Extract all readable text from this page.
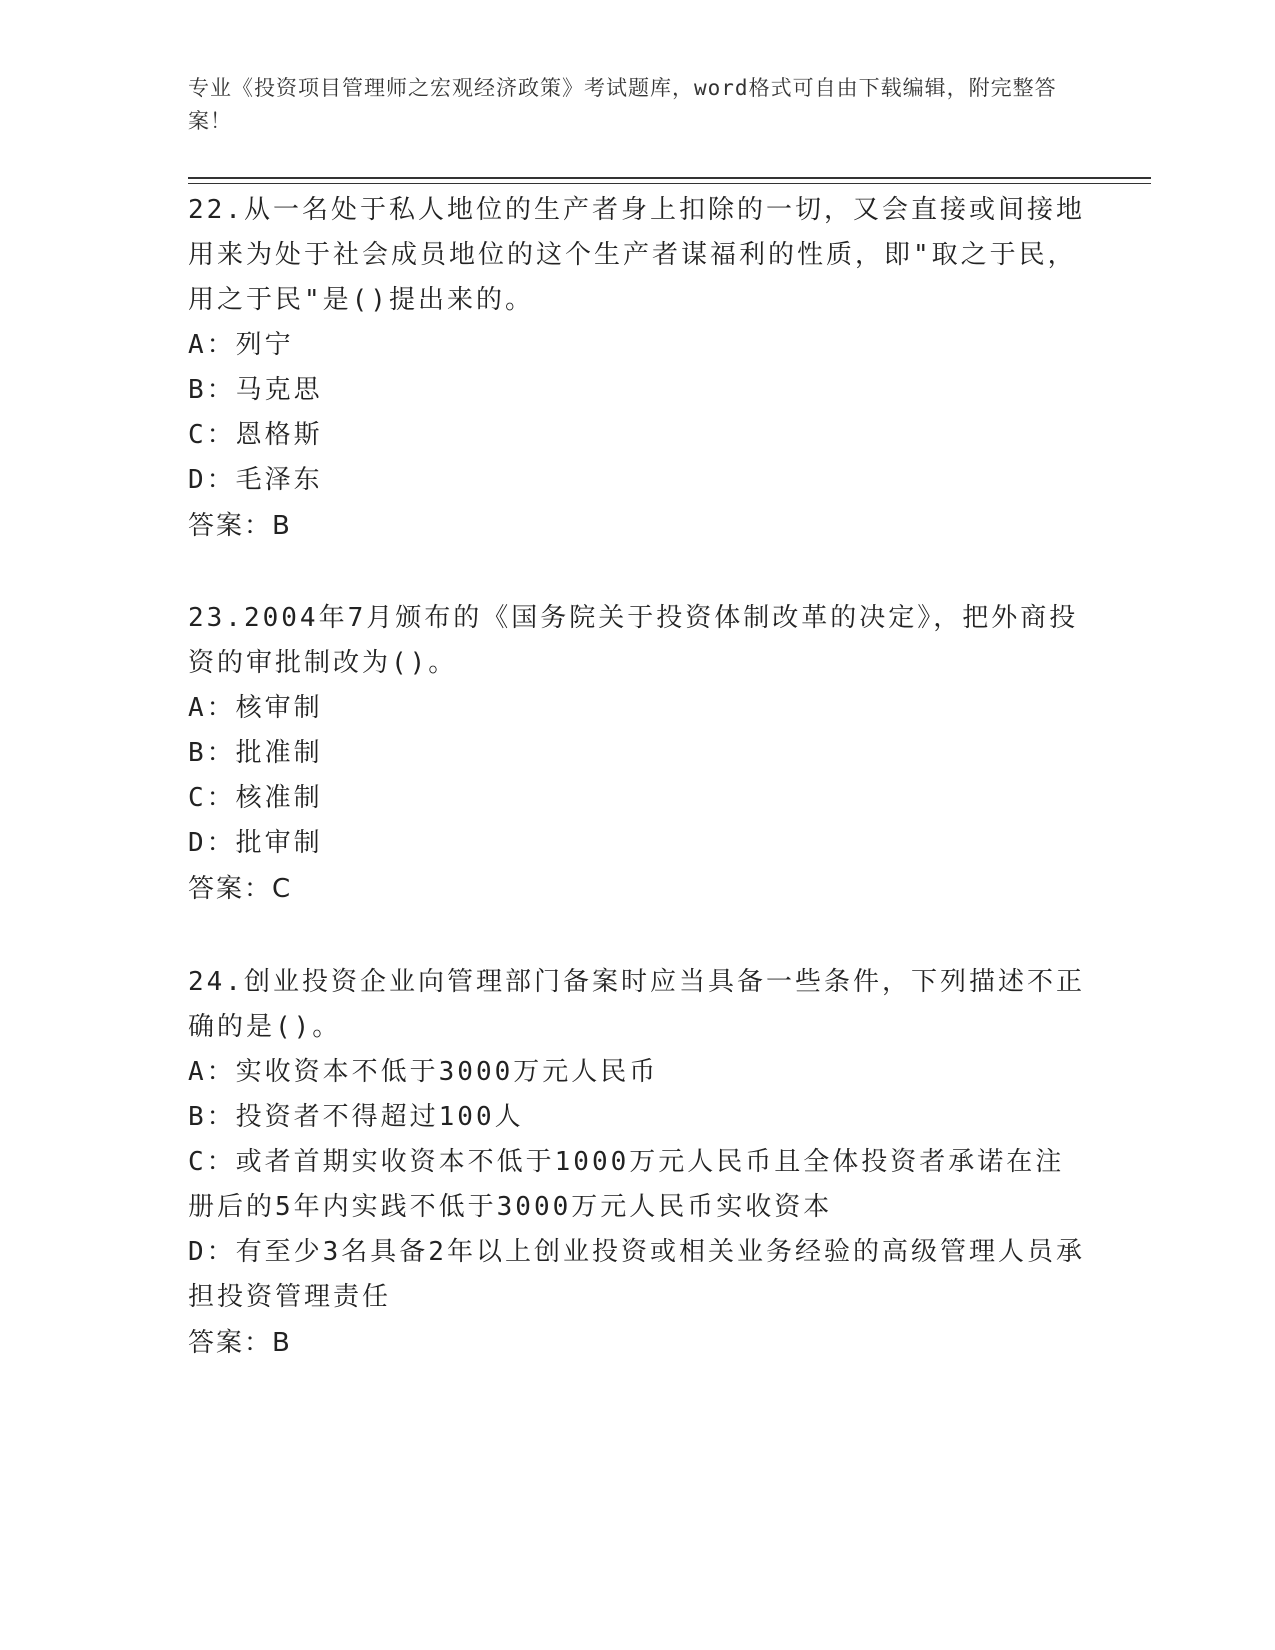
专业《投资项目管理师之宏观经济政策》考试题库，word格式可自由下载编辑，附完整答案！

22.从一名处于私人地位的生产者身上扣除的一切，又会直接或间接地用来为处于社会成员地位的这个生产者谋福利的性质，即"取之于民，用之于民"是()提出来的。

A：列宁

B：马克思

C：恩格斯

D：毛泽东

答案：B

23.2004年7月颁布的《国务院关于投资体制改革的决定》，把外商投资的审批制改为()。

A：核审制

B：批准制

C：核准制

D：批审制

答案：C

24.创业投资企业向管理部门备案时应当具备一些条件，下列描述不正确的是()。

A：实收资本不低于3000万元人民币

B：投资者不得超过100人

C：或者首期实收资本不低于1000万元人民币且全体投资者承诺在注册后的5年内实践不低于3000万元人民币实收资本

D：有至少3名具备2年以上创业投资或相关业务经验的高级管理人员承担投资管理责任

答案：B
